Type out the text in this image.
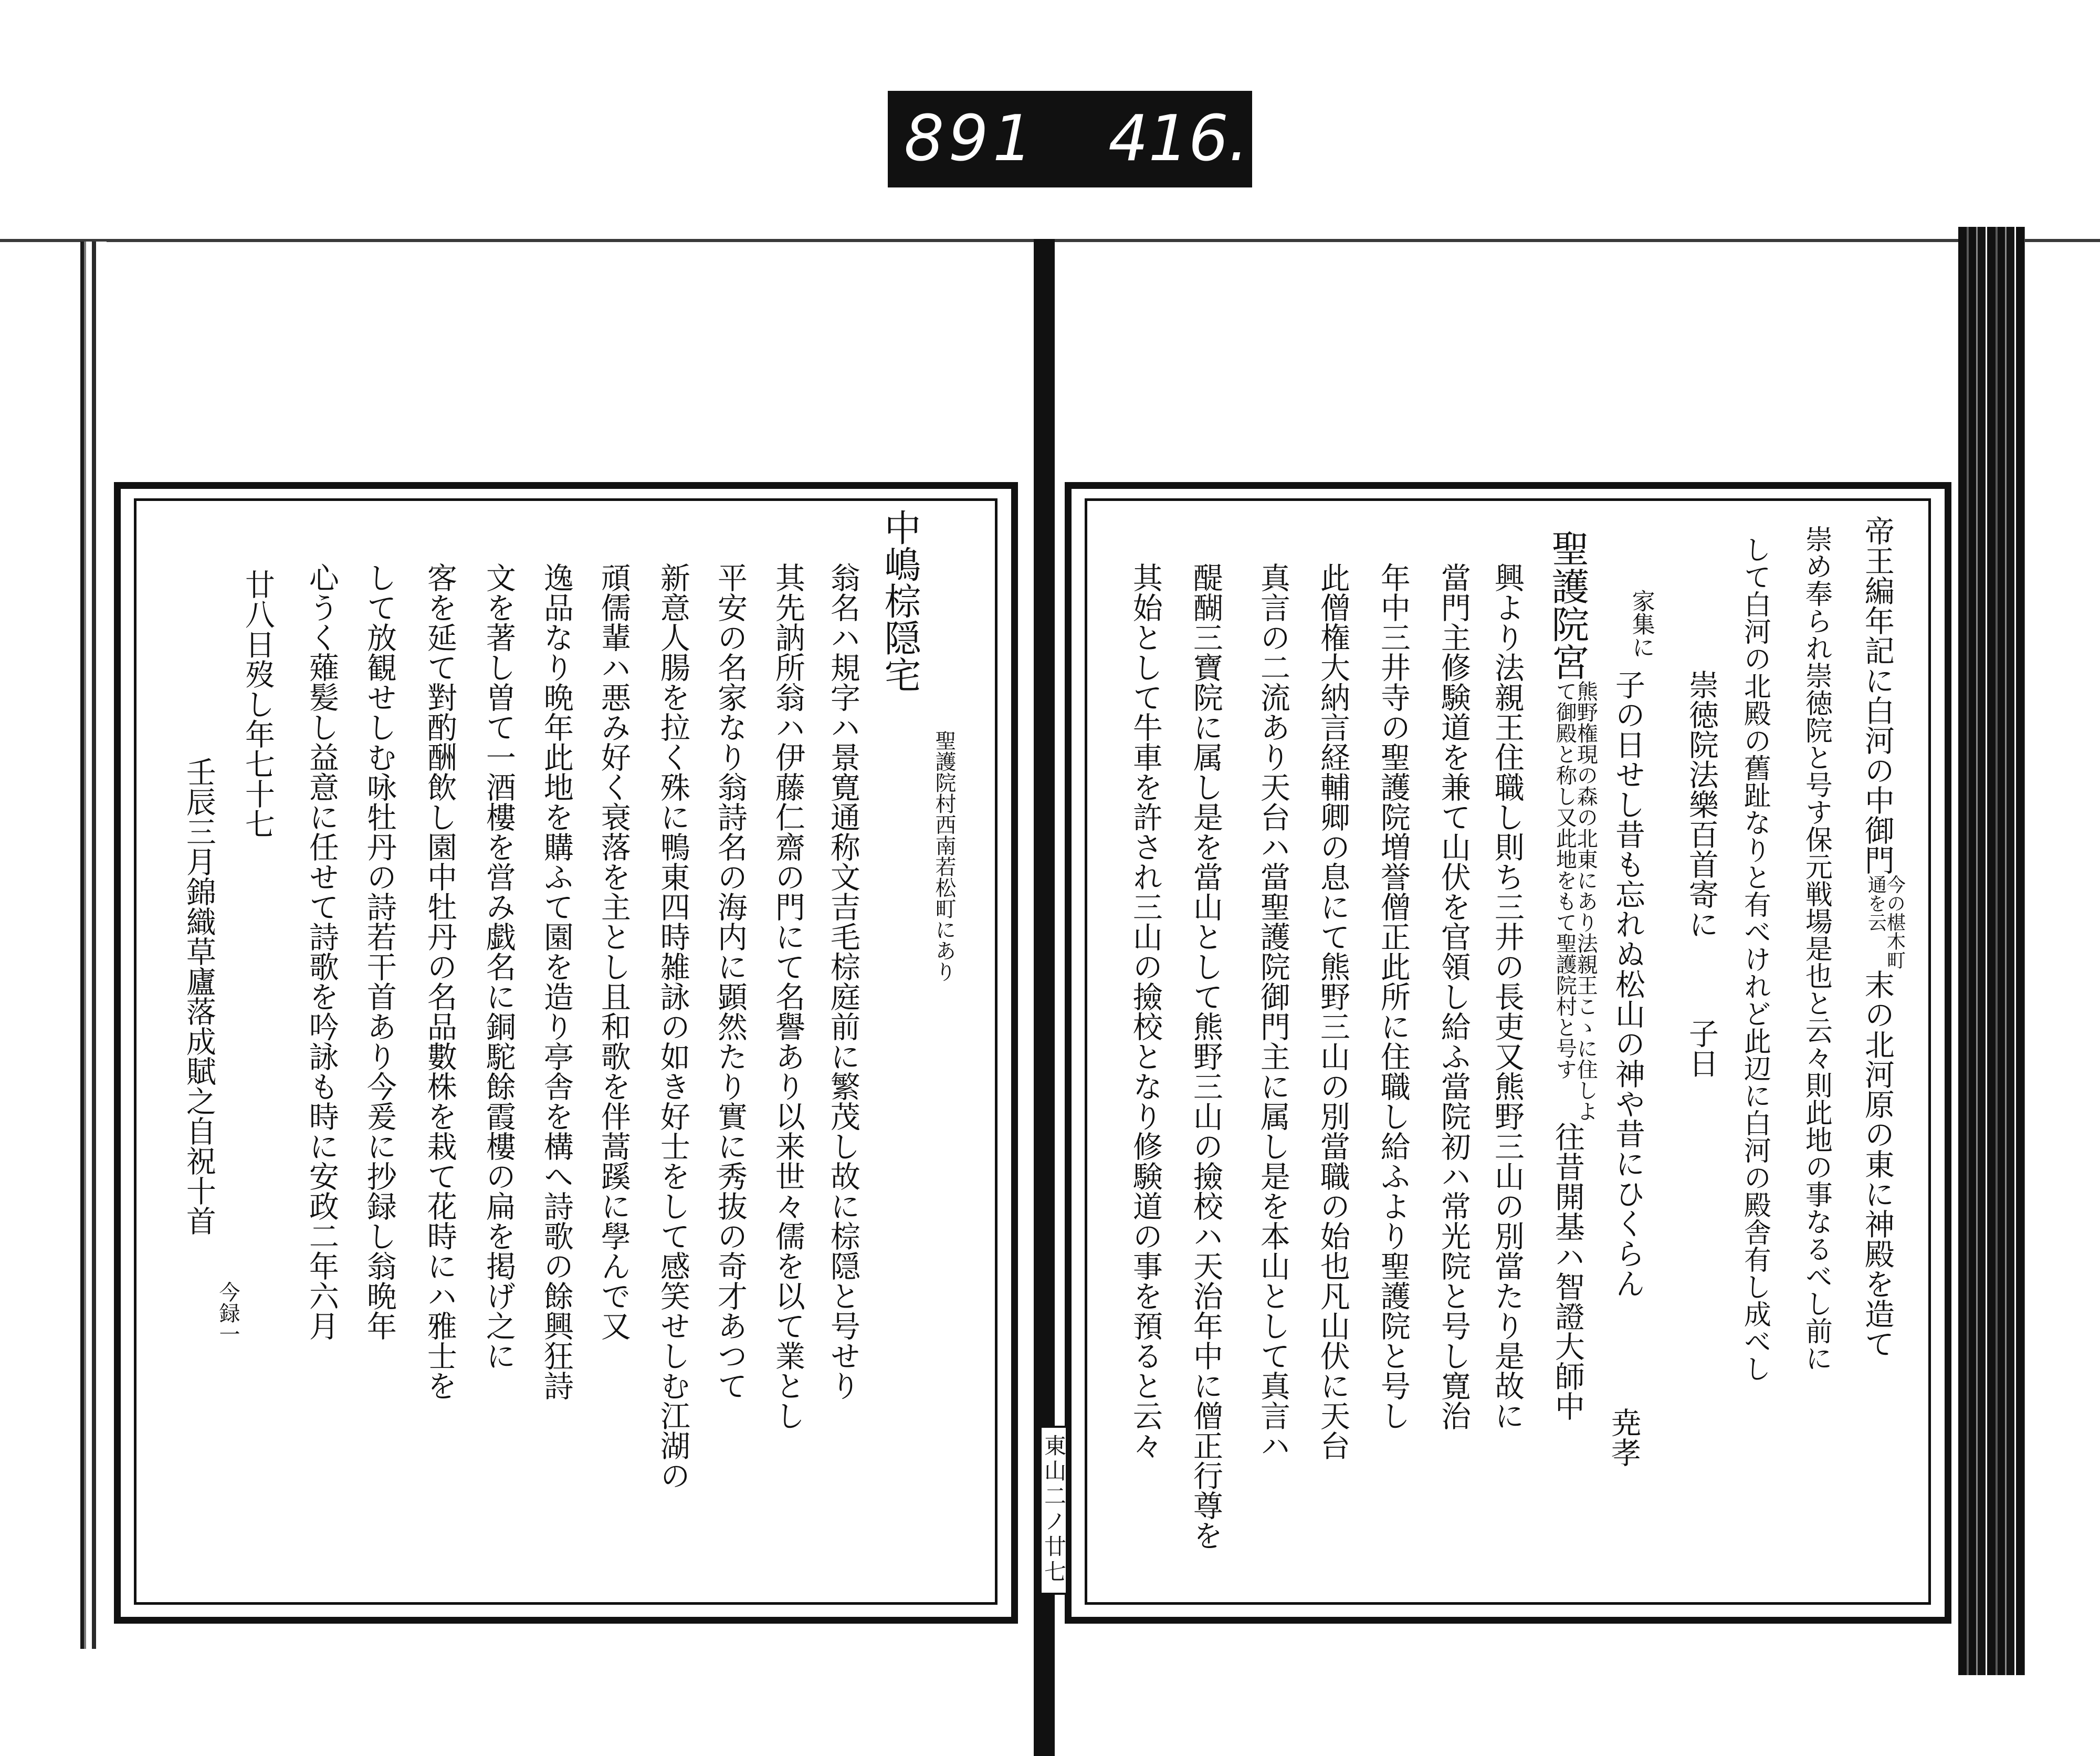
891 416.
東山二ノ廿七
帝王編年記に白河の中御門
今の椹木町
通を云
末の北河原の東に神殿を造て
崇め奉られ崇徳院と号す保元戦場是也と云々則此地の事なるべし前に
して白河の北殿の舊趾なりと有べけれど此辺に白河の殿舎有し成べし
崇徳院法樂百首寄に
子日
家集に
子の日せし昔も忘れぬ松山の神や昔にひくらん
尭孝
聖護院宮
熊野権現の森の北東にあり法親王こゝに住しよ
て御殿と称し又此地をもて聖護院村と号す
往昔開基ハ智證大師中
興より法親王住職し則ち三井の長吏又熊野三山の別當たり是故に
當門主修験道を兼て山伏を官領し給ふ當院初ハ常光院と号し寛治
年中三井寺の聖護院増誉僧正此所に住職し給ふより聖護院と号し
此僧権大納言経輔卿の息にて熊野三山の別當職の始也凡山伏に天台
真言の二流あり天台ハ當聖護院御門主に属し是を本山として真言ハ
醍醐三寶院に属し是を當山として熊野三山の撿校ハ天治年中に僧正行尊を
其始として牛車を許され三山の撿校となり修験道の事を預ると云々
中嶋棕隠宅
聖護院村西南若松町にあり
翁名ハ規字ハ景寛通称文吉毛棕庭前に繁茂し故に棕隠と号せり
其先訥所翁ハ伊藤仁齋の門にて名譽あり以来世々儒を以て業とし
平安の名家なり翁詩名の海内に顕然たり實に秀抜の奇才あつて
新意人腸を拉く殊に鴨東四時雑詠の如き好士をして感笑せしむ江湖の
頑儒輩ハ悪み好く衰落を主とし且和歌を伴蒿蹊に學んで又
逸品なり晩年此地を購ふて園を造り亭舎を構へ詩歌の餘興狂詩
文を著し曽て一酒樓を営み戯名に銅駝餘霞樓の扁を掲げ之に
客を延て對酌酬飲し園中牡丹の名品數株を栽て花時にハ雅士を
して放観せしむ咏牡丹の詩若干首あり今爰に抄録し翁晩年
心うく薙髪し益意に任せて詩歌を吟詠も時に安政二年六月
廿八日歿し年七十七
壬辰三月錦織草廬落成賦之自祝十首
今録一
